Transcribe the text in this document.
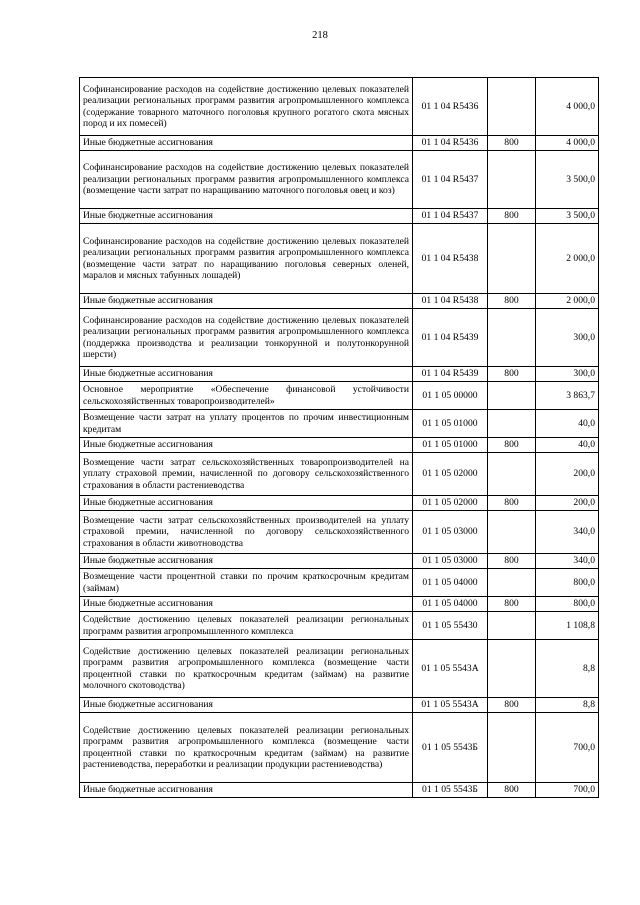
218
Софинансирование расходов на содействие достижению целевых показателей реализации региональных программ развития агропромышленного комплекса (содержание товарного маточного поголовья крупного рогатого скота мясных пород и их помесей)	01 1 04 R5436		4 000,0
Иные бюджетные ассигнования	01 1 04 R5436	800	4 000,0
Софинансирование расходов на содействие достижению целевых показателей реализации региональных программ развития агропромышленного комплекса (возмещение части затрат по наращиванию маточного поголовья овец и коз)	01 1 04 R5437		3 500,0
Иные бюджетные ассигнования	01 1 04 R5437	800	3 500,0
Софинансирование расходов на содействие достижению целевых показателей реализации региональных программ развития агропромышленного комплекса (возмещение части затрат по наращиванию поголовья северных оленей, маралов и мясных табунных лошадей)	01 1 04 R5438		2 000,0
Иные бюджетные ассигнования	01 1 04 R5438	800	2 000,0
Софинансирование расходов на содействие достижению целевых показателей реализации региональных программ развития агропромышленного комплекса (поддержка производства и реализации тонкорунной и полутонкорунной шерсти)	01 1 04 R5439		300,0
Иные бюджетные ассигнования	01 1 04 R5439	800	300,0
Основное мероприятие «Обеспечение финансовой устойчивости сельскохозяйственных товаропроизводителей»	01 1 05 00000		3 863,7
Возмещение части затрат на уплату процентов по прочим инвестиционным кредитам	01 1 05 01000		40,0
Иные бюджетные ассигнования	01 1 05 01000	800	40,0
Возмещение части затрат сельскохозяйственных товаропроизводителей на уплату страховой премии, начисленной по договору сельскохозяйственного страхования в области растениеводства	01 1 05 02000		200,0
Иные бюджетные ассигнования	01 1 05 02000	800	200,0
Возмещение части затрат сельскохозяйственных производителей на уплату страховой премии, начисленной по договору сельскохозяйственного страхования в области животноводства	01 1 05 03000		340,0
Иные бюджетные ассигнования	01 1 05 03000	800	340,0
Возмещение части процентной ставки по прочим краткосрочным кредитам (займам)	01 1 05 04000		800,0
Иные бюджетные ассигнования	01 1 05 04000	800	800,0
Содействие достижению целевых показателей реализации региональных программ развития агропромышленного комплекса	01 1 05 55430		1 108,8
Содействие достижению целевых показателей реализации региональных программ развития агропромышленного комплекса (возмещение части процентной ставки по краткосрочным кредитам (займам) на развитие молочного скотоводства)	01 1 05 5543А		8,8
Иные бюджетные ассигнования	01 1 05 5543А	800	8,8
Содействие достижению целевых показателей реализации региональных программ развития агропромышленного комплекса (возмещение части процентной ставки по краткосрочным кредитам (займам) на развитие растениеводства, переработки и реализации продукции растениеводства)	01 1 05 5543Б		700,0
Иные бюджетные ассигнования	01 1 05 5543Б	800	700,0
